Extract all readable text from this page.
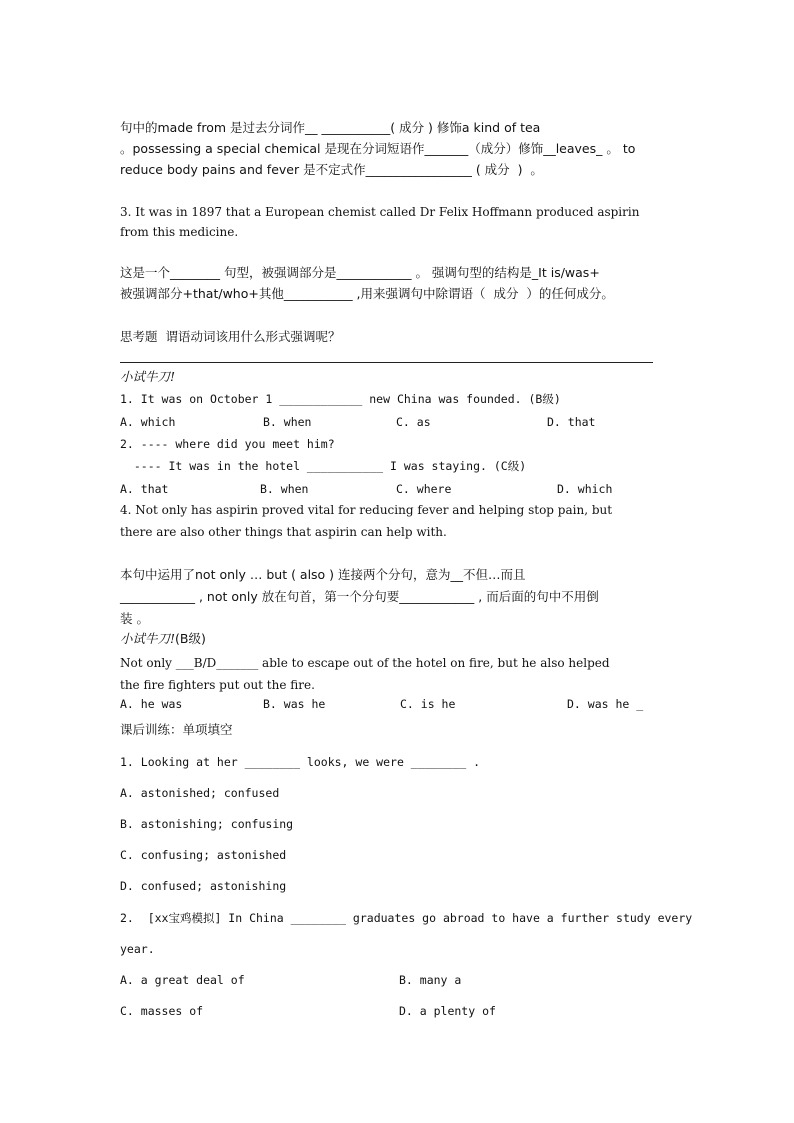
句中的made from 是过去分词作__ ___________( 成分 ) 修饰a kind of tea
。possessing a special chemical 是现在分词短语作_______（成分）修饰__leaves_ 。 to
reduce body pains and fever 是不定式作_________________ ( 成分  )  。
3. It was in 1897 that a European chemist called Dr Felix Hoffmann produced aspirin
from this medicine.
这是一个________ 句型，被强调部分是____________ 。 强调句型的结构是_It is/was+
被强调部分+that/who+其他___________ ,用来强调句中除谓语（  成分  ）的任何成分。
思考题  谓语动词该用什么形式强调呢？
小试牛刀!
1. It was on October 1 ____________ new China was founded. (B级)
A. which	B. when	C. as	D. that
2. ---- where did you meet him?
---- It was in the hotel ___________ I was staying. (C级)
A. that	B. when	C. where	D. which
4. Not only has aspirin proved vital for reducing fever and helping stop pain, but
there are also other things that aspirin can help with.
本句中运用了not only … but ( also ) 连接两个分句，意为__不但…而且
____________ , not only 放在句首，第一个分句要____________ , 而后面的句中不用倒
装 。
小试牛刀!(B级)
Not only ___B/D_______ able to escape out of the hotel on fire, but he also helped
the fire fighters put out the fire.
A. he was	B. was he	C. is he	D. was he _
课后训练：单项填空
1. Looking at her ________ looks, we were ________ .
A. astonished; confused
B. astonishing; confusing
C. confusing; astonished
D. confused; astonishing
2.  [xx宝鸡模拟] In China ________ graduates go abroad to have a further study every
year.
A. a great deal of	B. many a
C. masses of	D. a plenty of
